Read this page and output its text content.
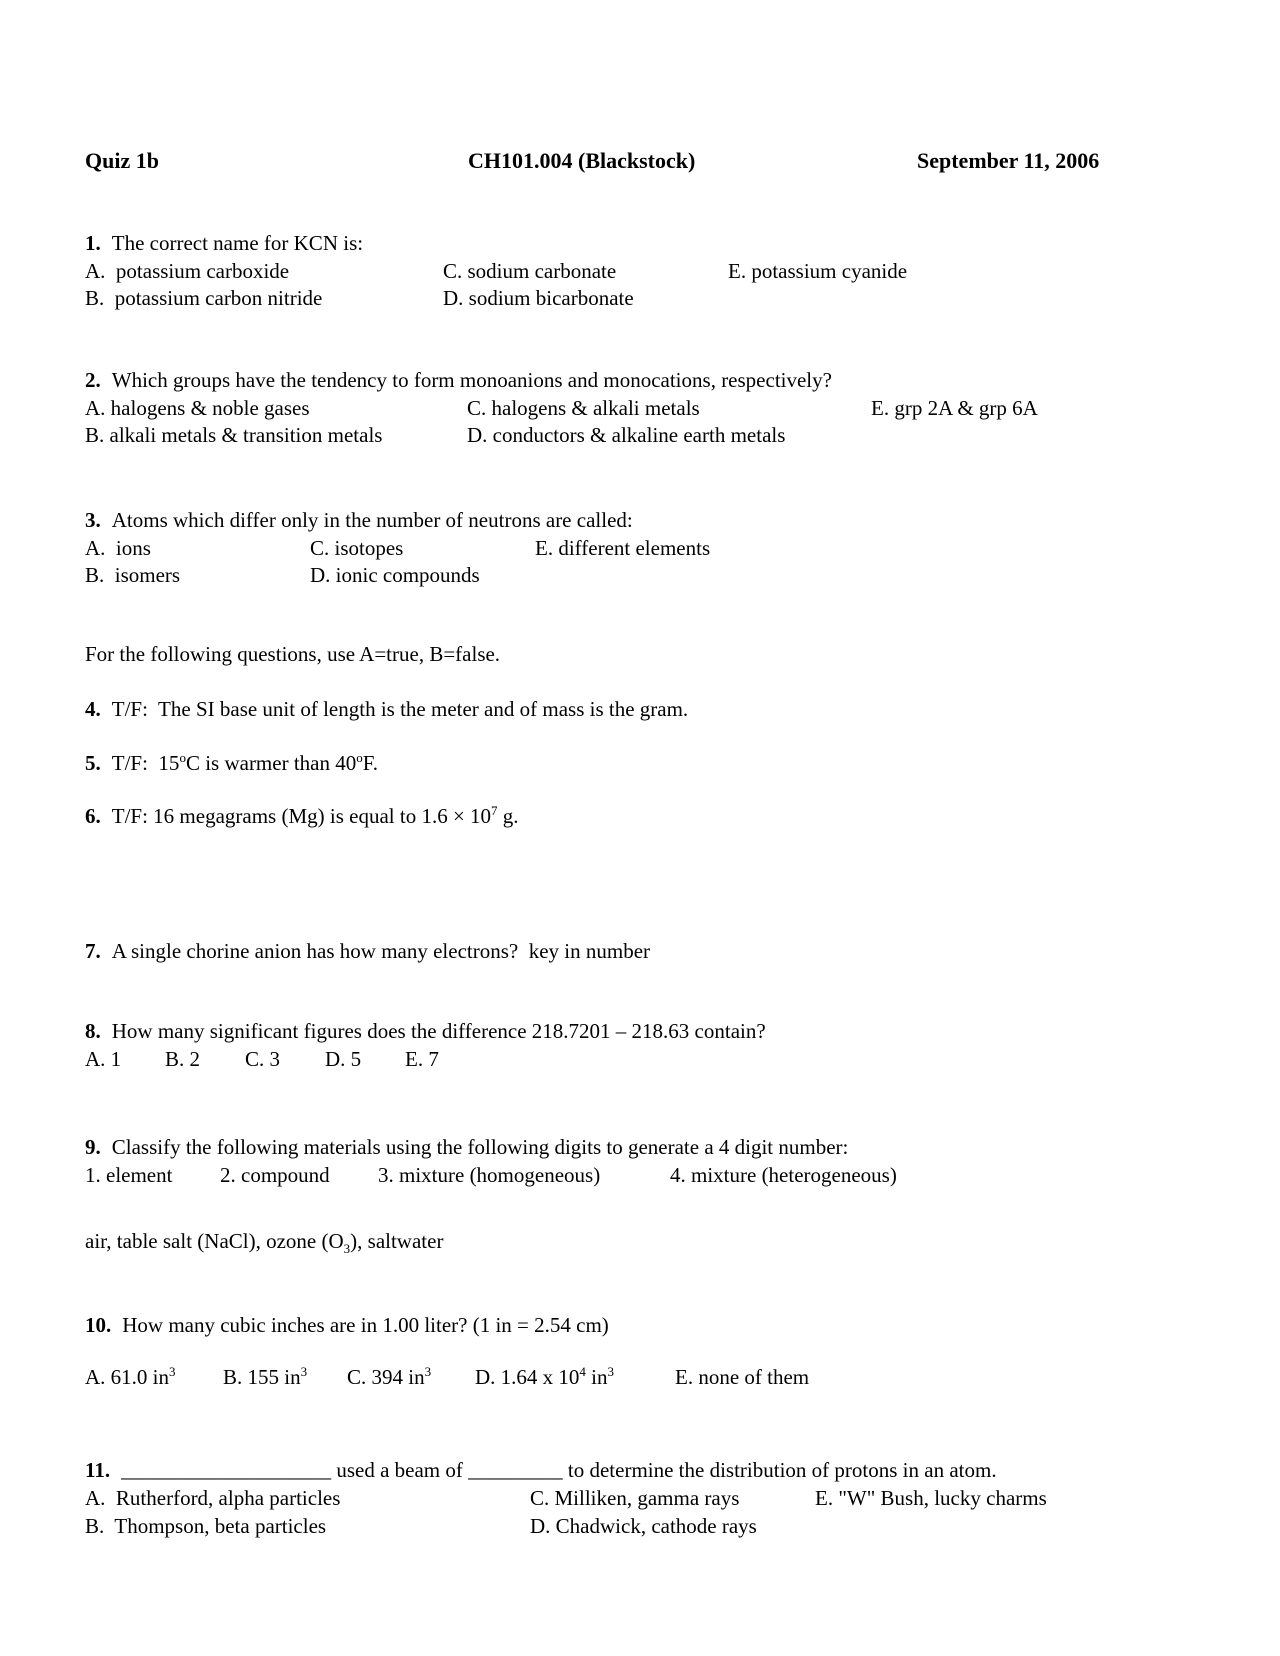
Quiz 1b	CH101.004 (Blackstock)	September 11, 2006
1. The correct name for KCN is:
A.  potassium carboxide	C. sodium carbonate	E. potassium cyanide
B.  potassium carbon nitride	D. sodium bicarbonate
2. Which groups have the tendency to form monoanions and monocations, respectively?
A. halogens & noble gases	C. halogens & alkali metals	E. grp 2A & grp 6A
B. alkali metals & transition metals	D. conductors & alkaline earth metals
3. Atoms which differ only in the number of neutrons are called:
A.  ions	C. isotopes	E. different elements
B.  isomers	D. ionic compounds
For the following questions, use A=true, B=false.
4. T/F:  The SI base unit of length is the meter and of mass is the gram.
5. T/F:  15$^o$C is warmer than 40$^o$F.
6. T/F: 16 megagrams (Mg) is equal to $1.6 \times 10^7$ g.
7. A single chorine anion has how many electrons?  key in number
8. How many significant figures does the difference 218.7201 – 218.63 contain?
A. 1 B. 2 C. 3 D. 5 E. 7
9. Classify the following materials using the following digits to generate a 4 digit number:
1. element 2. compound 3. mixture (homogeneous)	4. mixture (heterogeneous)
air, table salt (NaCl), ozone $(O_3)$, saltwater
10. How many cubic inches are in 1.00 liter? (1 in = 2.54 cm)
A. 61.0 $in^3$ B. 155 $in^3$ C. 394 $in^3$ D. 1.64 x $10^4$ $in^3$	E. none of them
11. ____________________ used a beam of _________ to determine the distribution of protons in an atom.
A.  Rutherford, alpha particles	C. Milliken, gamma rays	E. "W" Bush, lucky charms
B.  Thompson, beta particles	D. Chadwick, cathode rays
